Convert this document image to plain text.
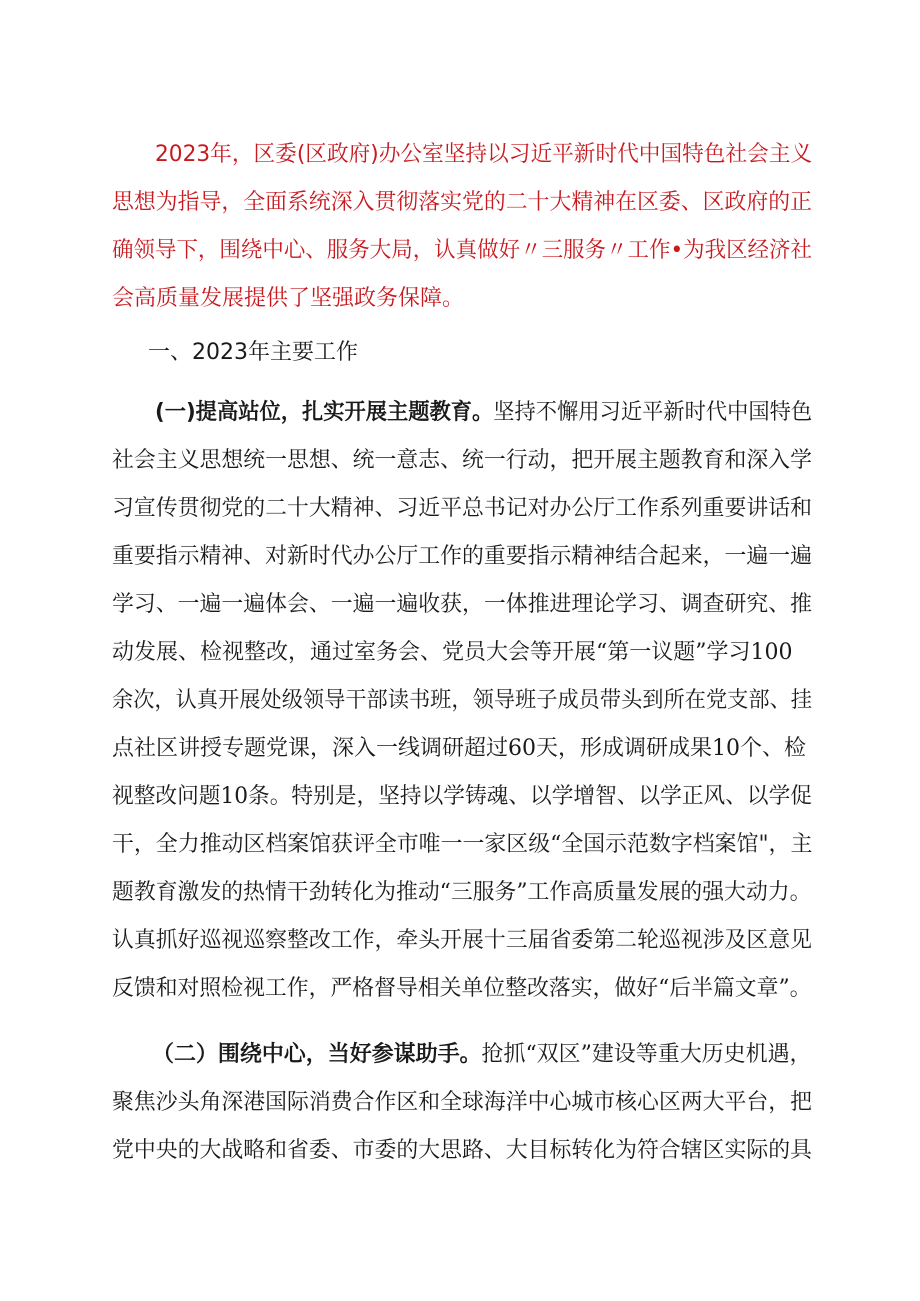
2023年，区委(区政府)办公室坚持以习近平新时代中国特色社会主义
思想为指导，全面系统深入贯彻落实党的二十大精神在区委、区政府的正
确领导下，围绕中心、服务大局，认真做好〃三服务〃工作•为我区经济社
会高质量发展提供了坚强政务保障。
一、2023年主要工作
(一)提高站位，扎实开展主题教育。坚持不懈用习近平新时代中国特色
社会主义思想统一思想、统一意志、统一行动，把开展主题教育和深入学
习宣传贯彻党的二十大精神、习近平总书记对办公厅工作系列重要讲话和
重要指示精神、对新时代办公厅工作的重要指示精神结合起来，一遍一遍
学习、一遍一遍体会、一遍一遍收获，一体推进理论学习、调查研究、推
动发展、检视整改，通过室务会、党员大会等开展“第一议题”学习100
余次，认真开展处级领导干部读书班，领导班子成员带头到所在党支部、挂
点社区讲授专题党课，深入一线调研超过60天，形成调研成果10个、检
视整改问题10条。特别是，坚持以学铸魂、以学增智、以学正风、以学促
干，全力推动区档案馆获评全市唯一一家区级“全国示范数字档案馆"，主
题教育激发的热情干劲转化为推动“三服务”工作高质量发展的强大动力。
认真抓好巡视巡察整改工作，牵头开展十三届省委第二轮巡视涉及区意见
反馈和对照检视工作，严格督导相关单位整改落实，做好“后半篇文章”。
（二）围绕中心，当好参谋助手。抢抓“双区”建设等重大历史机遇，
聚焦沙头角深港国际消费合作区和全球海洋中心城市核心区两大平台，把
党中央的大战略和省委、市委的大思路、大目标转化为符合辖区实际的具
